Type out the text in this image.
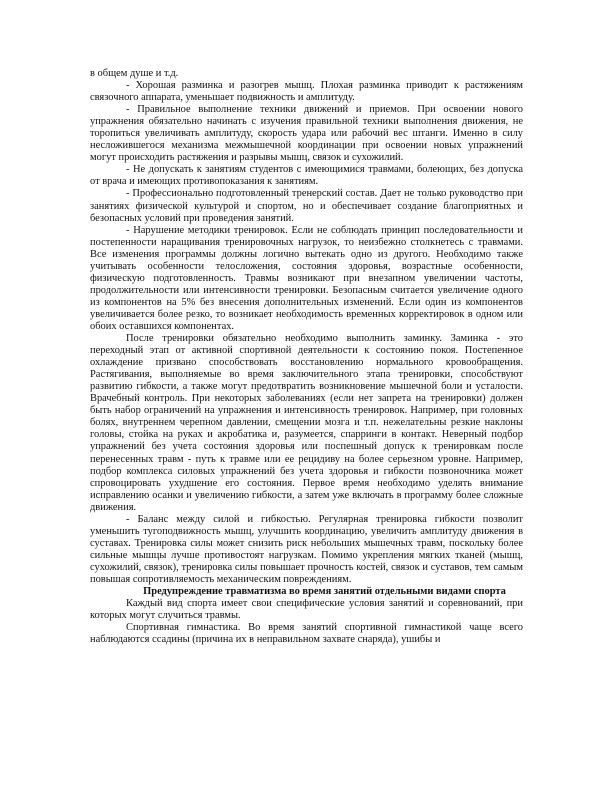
в общем душе и т.д.

- Хорошая разминка и разогрев мышц. Плохая разминка приводит к растяжениям связочного аппарата, уменьшает подвижность и амплитуду.

- Правильное выполнение техники движений и приемов. При освоении нового упражнения обязательно начинать с изучения правильной техники выполнения движения, не торопиться увеличивать амплитуду, скорость удара или рабочий вес штанги. Именно в силу несложившегося механизма межмышечной координации при освоении новых упражнений могут происходить растяжения и разрывы мышц, связок и сухожилий.

- Не допускать к занятиям студентов с имеющимися травмами, болеющих, без допуска от врача и имеющих противопоказания к занятиям.

- Профессионально подготовленный тренерский состав. Дает не только руководство при занятиях физической культурой и спортом, но и обеспечивает создание благоприятных и безопасных условий при проведения занятий.

- Нарушение методики тренировок. Если не соблюдать принцип последовательности и постепенности наращивания тренировочных нагрузок, то неизбежно столкнетесь с травмами. Все изменения программы должны логично вытекать одно из другого. Необходимо также учитывать особенности телосложения, состояния здоровья, возрастные особенности, физическую подготовленность. Травмы возникают при внезапном увеличении частоты, продолжительности или интенсивности тренировки. Безопасным считается увеличение одного из компонентов на 5% без внесения дополнительных изменений. Если один из компонентов увеличивается более резко, то возникает необходимость временных корректировок в одном или обоих оставшихся компонентах.

После тренировки обязательно необходимо выполнить заминку. Заминка - это переходный этап от активной спортивной деятельности к состоянию покоя. Постепенное охлаждение призвано способствовать восстановлению нормального кровообращения. Растягивания, выполняемые во время заключительного этапа тренировки, способствуют развитию гибкости, а также могут предотвратить возникновение мышечной боли и усталости. Врачебный контроль. При некоторых заболеваниях (если нет запрета на тренировки) должен быть набор ограничений на упражнения и интенсивность тренировок. Например, при головных болях, внутреннем черепном давлении, смещении мозга и т.п. нежелательны резкие наклоны головы, стойка на руках и акробатика и, разумеется, спарринги в контакт. Неверный подбор упражнений без учета состояния здоровья или поспешный допуск к тренировкам после перенесенных травм - путь к травме или ее рецидиву на более серьезном уровне. Например, подбор комплекса силовых упражнений без учета здоровья и гибкости позвоночника может спровоцировать ухудшение его состояния. Первое время необходимо уделять внимание исправлению осанки и увеличению гибкости, а затем уже включать в программу более сложные движения.

- Баланс между силой и гибкостью. Регулярная тренировка гибкости позволит уменьшить тугоподвижность мышц, улучшить координацию, увеличить амплитуду движения в суставах. Тренировка силы может снизить риск небольших мышечных травм, поскольку более сильные мышцы лучше противостоят нагрузкам. Помимо укрепления мягких тканей (мышц, сухожилий, связок), тренировка силы повышает прочность костей, связок и суставов, тем самым повышая сопротивляемость механическим повреждениям.

Предупреждение травматизма во время занятий отдельными видами спорта

Каждый вид спорта имеет свои специфические условия занятий и соревнований, при которых могут случиться травмы.

Спортивная гимнастика. Во время занятий спортивной гимнастикой чаще всего наблюдаются ссадины (причина их в неправильном захвате снаряда), ушибы и
